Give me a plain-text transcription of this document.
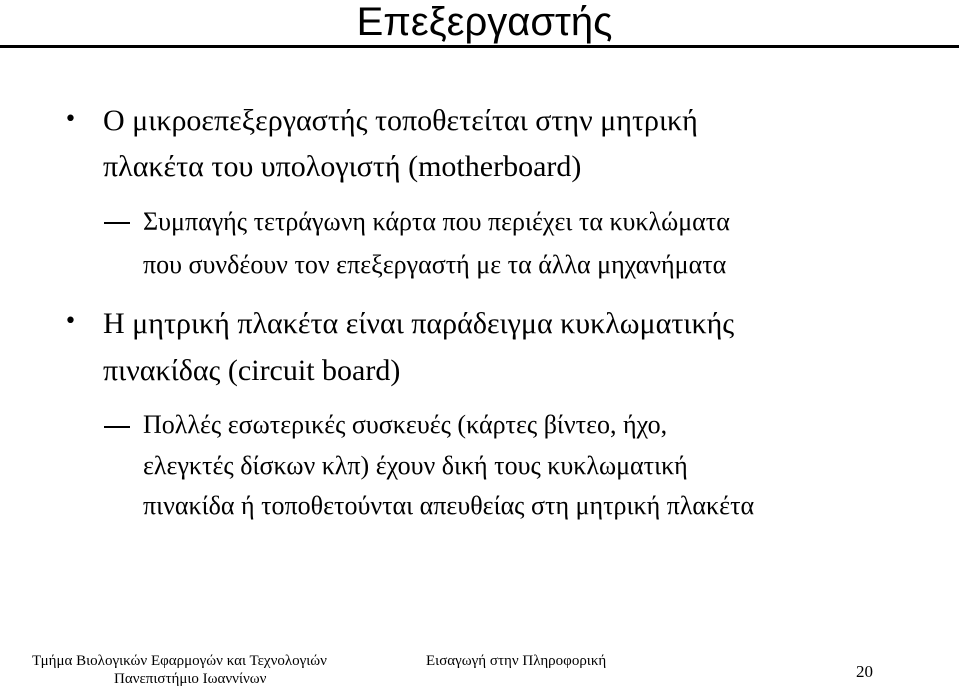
Επεξεργαστής
• Ο μικροεπεξεργαστής τοποθετείται στην μητρική
πλακέτα του υπολογιστή (motherboard)
Συμπαγής τετράγωνη κάρτα που περιέχει τα κυκλώματα
που συνδέουν τον επεξεργαστή με τα άλλα μηχανήματα
• Η μητρική πλακέτα είναι παράδειγμα κυκλωματικής
πινακίδας (circuit board)
Πολλές εσωτερικές συσκευές (κάρτες βίντεο, ήχο,
ελεγκτές δίσκων κλπ) έχουν δική τους κυκλωματική
πινακίδα ή τοποθετούνται απευθείας στη μητρική πλακέτα
Τμήμα Βιολογικών Εφαρμογών και Τεχνολογιών
Πανεπιστήμιο Ιωαννίνων
Εισαγωγή στην Πληροφορική
20
